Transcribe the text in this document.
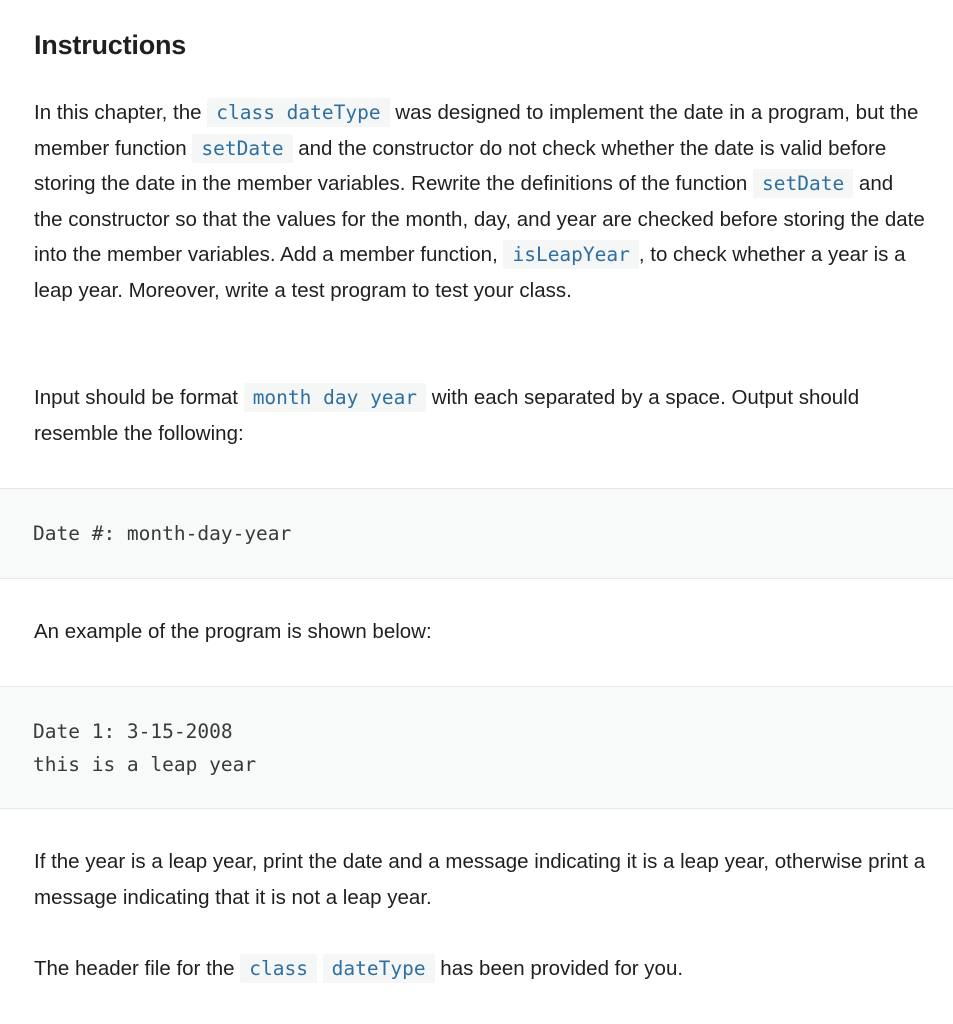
Instructions

In this chapter, the class dateType was designed to implement the date in a program, but the member function setDate and the constructor do not check whether the date is valid before storing the date in the member variables. Rewrite the definitions of the function setDate and the constructor so that the values for the month, day, and year are checked before storing the date into the member variables. Add a member function, isLeapYear , to check whether a year is a leap year. Moreover, write a test program to test your class.

Input should be format month day year with each separated by a space. Output should resemble the following:

Date #: month-day-year

An example of the program is shown below:

Date 1: 3-15-2008
this is a leap year

If the year is a leap year, print the date and a message indicating it is a leap year, otherwise print a message indicating that it is not a leap year.

The header file for the class dateType has been provided for you.
